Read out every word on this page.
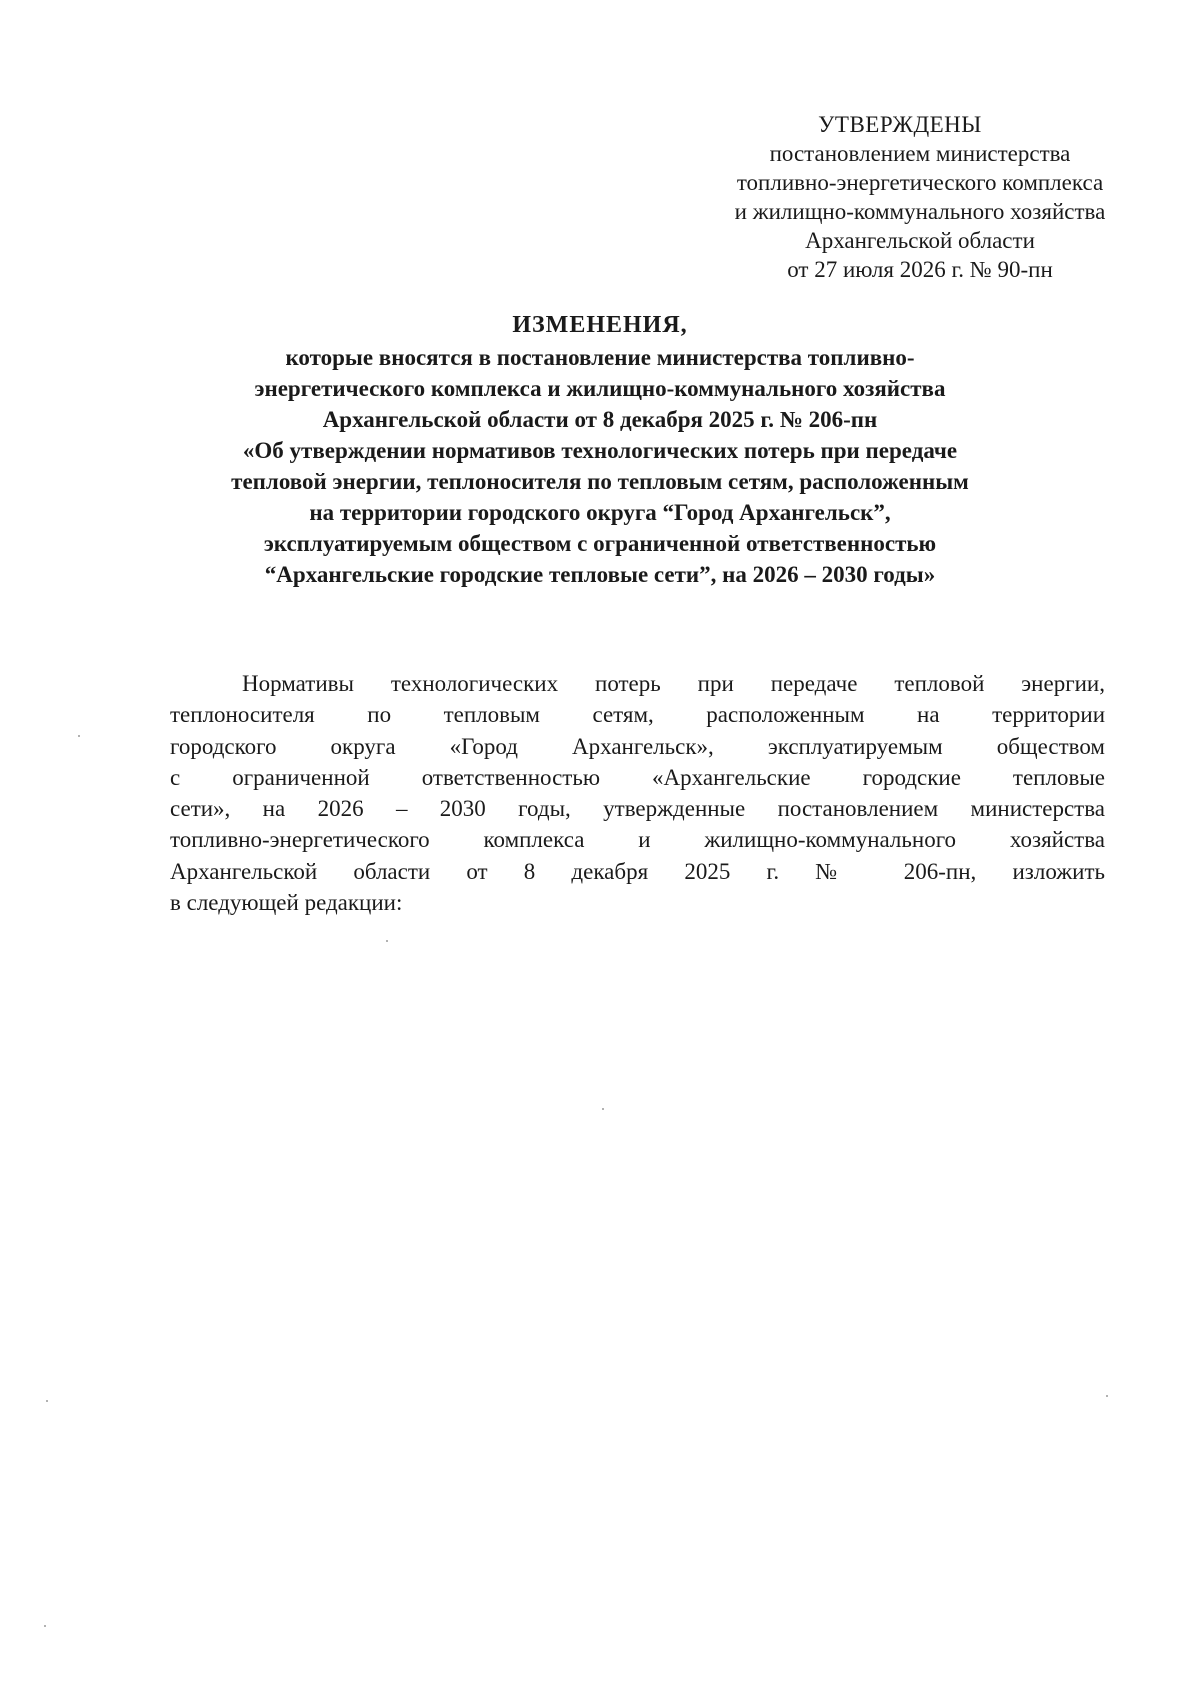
УТВЕРЖДЕНЫ
постановлением министерства
топливно-энергетического комплекса
и жилищно-коммунального хозяйства
Архангельской области
от 27 июля 2026 г. № 90-пн
ИЗМЕНЕНИЯ,
которые вносятся в постановление министерства топливно-
энергетического комплекса и жилищно-коммунального хозяйства
Архангельской области от 8 декабря 2025 г. № 206-пн
«Об утверждении нормативов технологических потерь при передаче
тепловой энергии, теплоносителя по тепловым сетям, расположенным
на территории городского округа “Город Архангельск”,
эксплуатируемым обществом с ограниченной ответственностью
“Архангельские городские тепловые сети”, на 2026 – 2030 годы»
Нормативы технологических потерь при передаче тепловой энергии,
теплоносителя по тепловым сетям, расположенным на территории
городского округа «Город Архангельск», эксплуатируемым обществом
с ограниченной ответственностью «Архангельские городские тепловые
сети», на 2026 – 2030 годы, утвержденные постановлением министерства
топливно-энергетического комплекса и жилищно-коммунального хозяйства
Архангельской области от 8 декабря 2025 г. № 206-пн, изложить
в следующей редакции:
